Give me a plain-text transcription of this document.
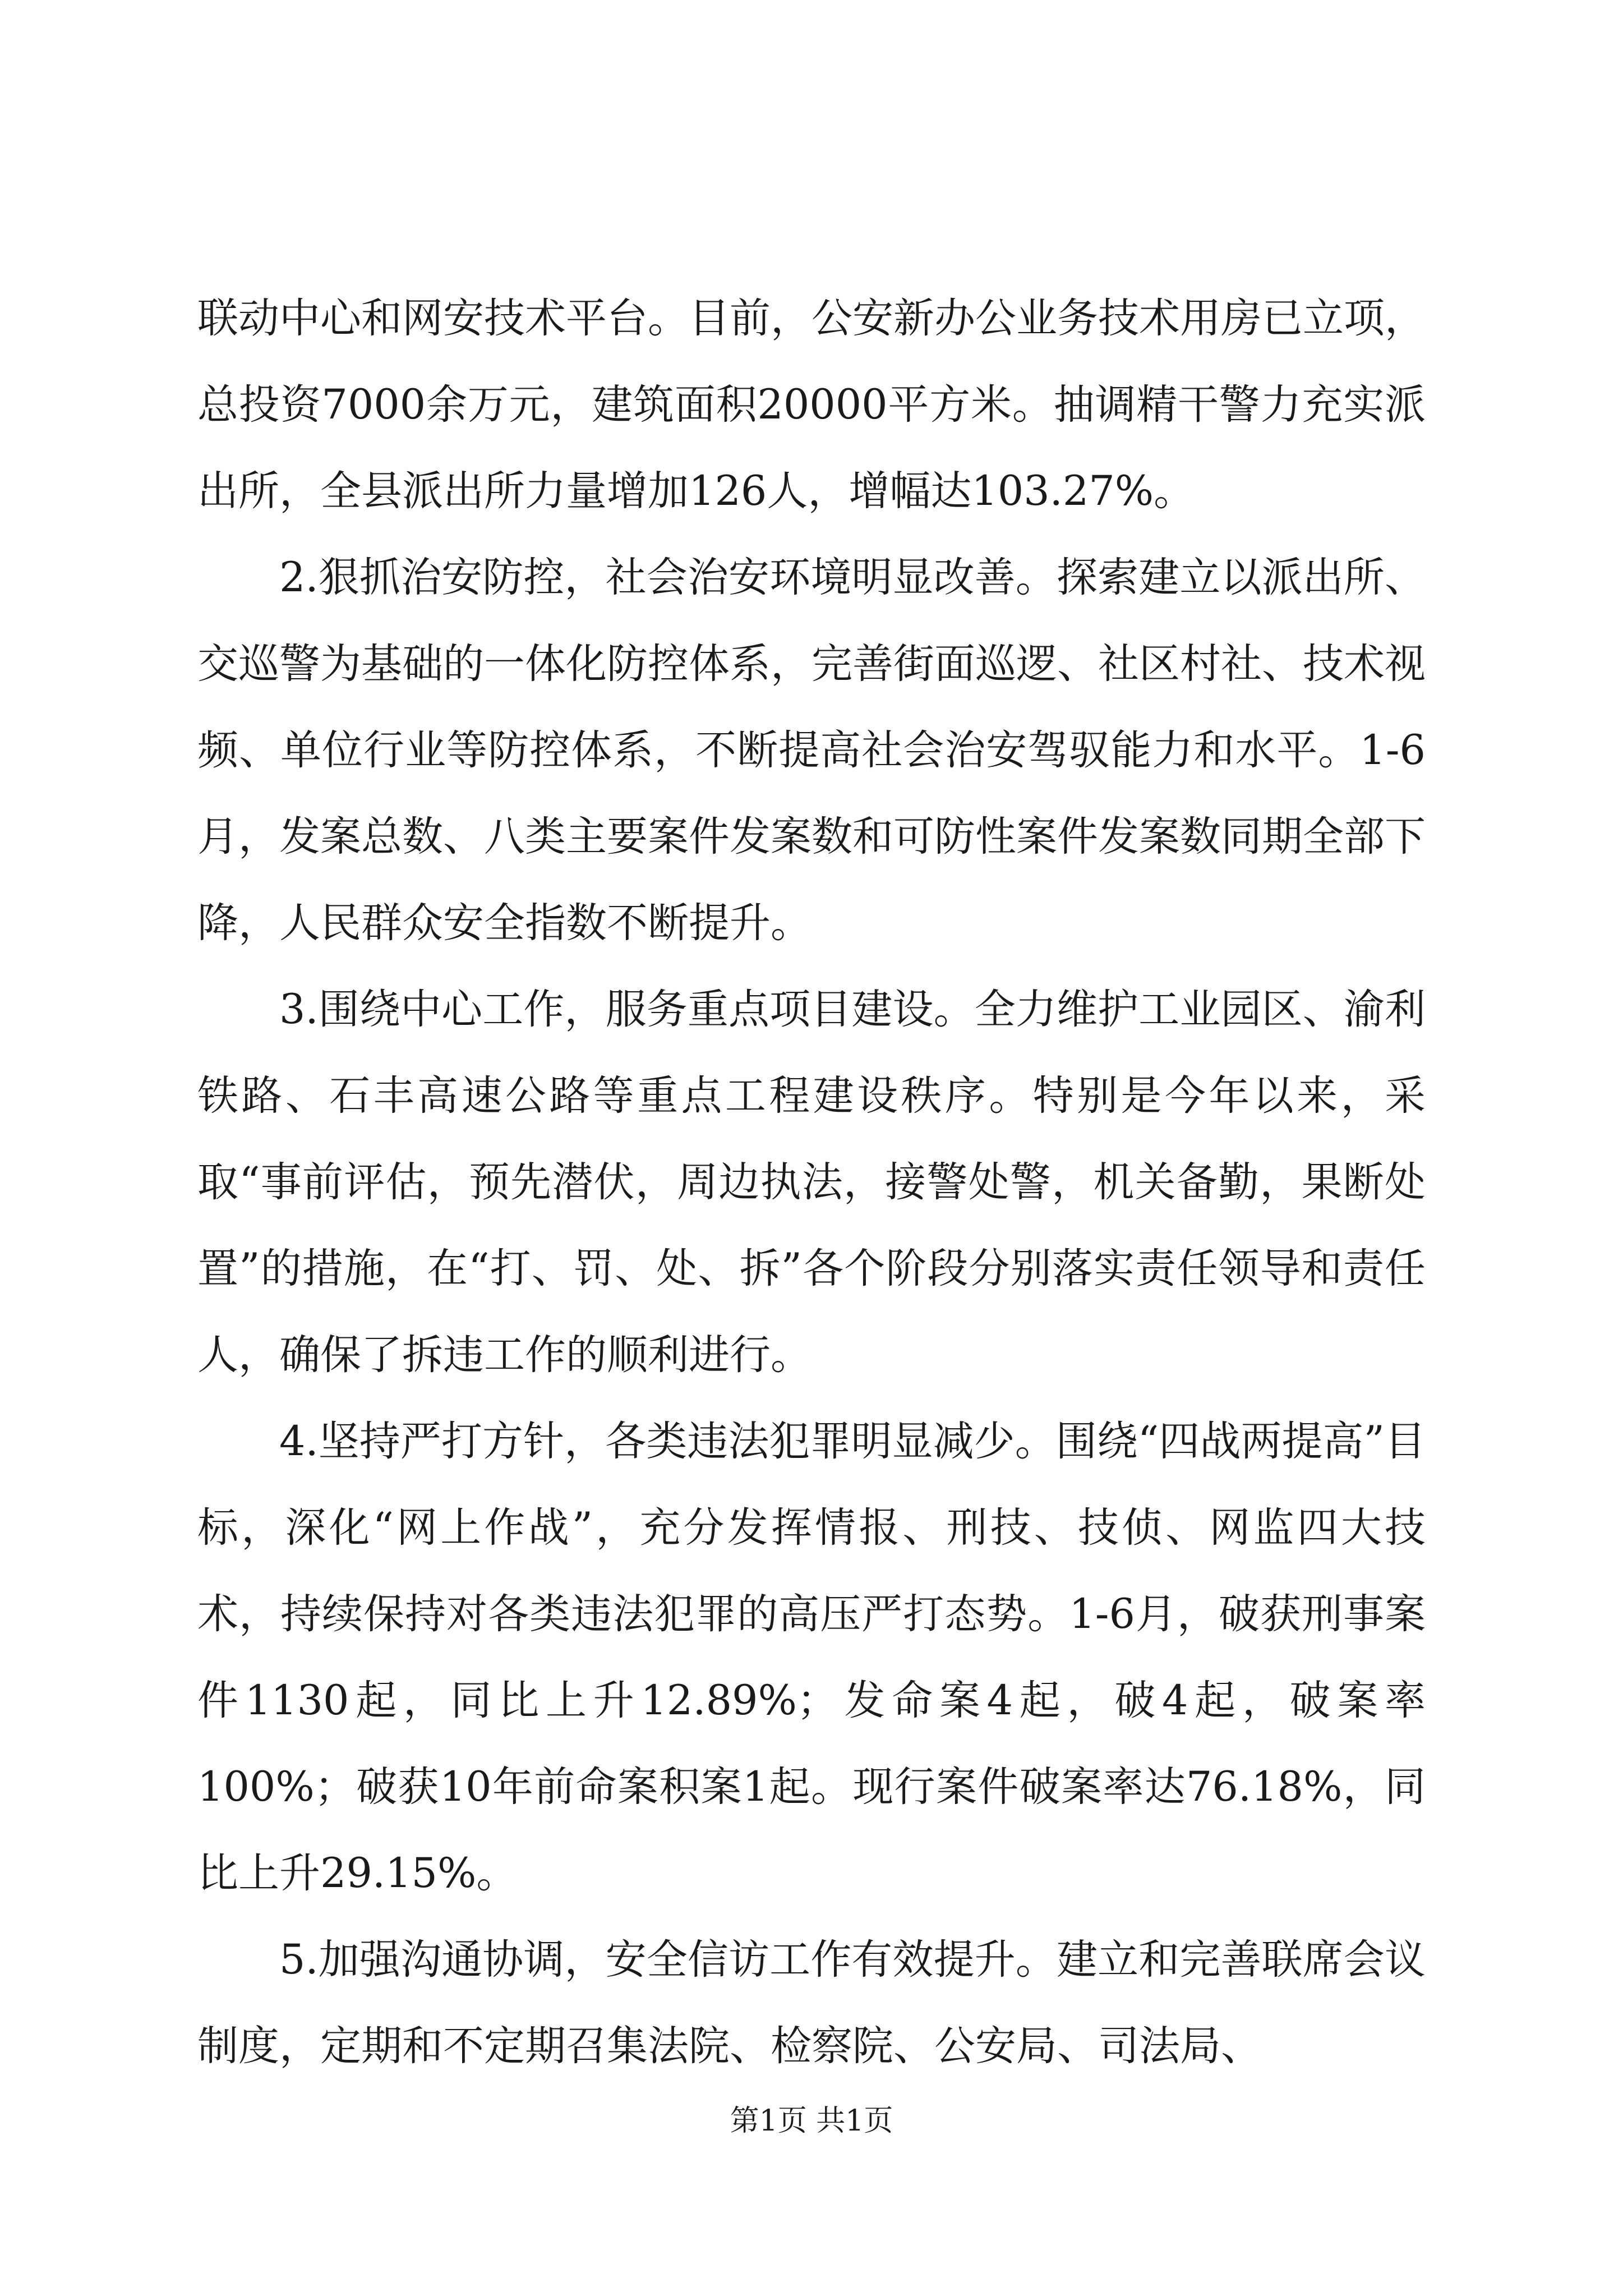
联动中心和网安技术平台。目前，公安新办公业务技术用房已立项，总投资7000余万元，建筑面积20000平方米。抽调精干警力充实派出所，全县派出所力量增加126人，增幅达103.27%。

2.狠抓治安防控，社会治安环境明显改善。探索建立以派出所、交巡警为基础的一体化防控体系，完善街面巡逻、社区村社、技术视频、单位行业等防控体系，不断提高社会治安驾驭能力和水平。1-6月，发案总数、八类主要案件发案数和可防性案件发案数同期全部下降，人民群众安全指数不断提升。

3.围绕中心工作，服务重点项目建设。全力维护工业园区、渝利铁路、石丰高速公路等重点工程建设秩序。特别是今年以来，采取“事前评估，预先潜伏，周边执法，接警处警，机关备勤，果断处置”的措施，在“打、罚、处、拆”各个阶段分别落实责任领导和责任人，确保了拆违工作的顺利进行。

4.坚持严打方针，各类违法犯罪明显减少。围绕“四战两提高”目标，深化“网上作战”，充分发挥情报、刑技、技侦、网监四大技术，持续保持对各类违法犯罪的高压严打态势。1-6月，破获刑事案件1130起，同比上升12.89%；发命案4起，破4起，破案率100%；破获10年前命案积案1起。现行案件破案率达76.18%，同比上升29.15%。

5.加强沟通协调，安全信访工作有效提升。建立和完善联席会议制度，定期和不定期召集法院、检察院、公安局、司法局、

第1页 共1页
